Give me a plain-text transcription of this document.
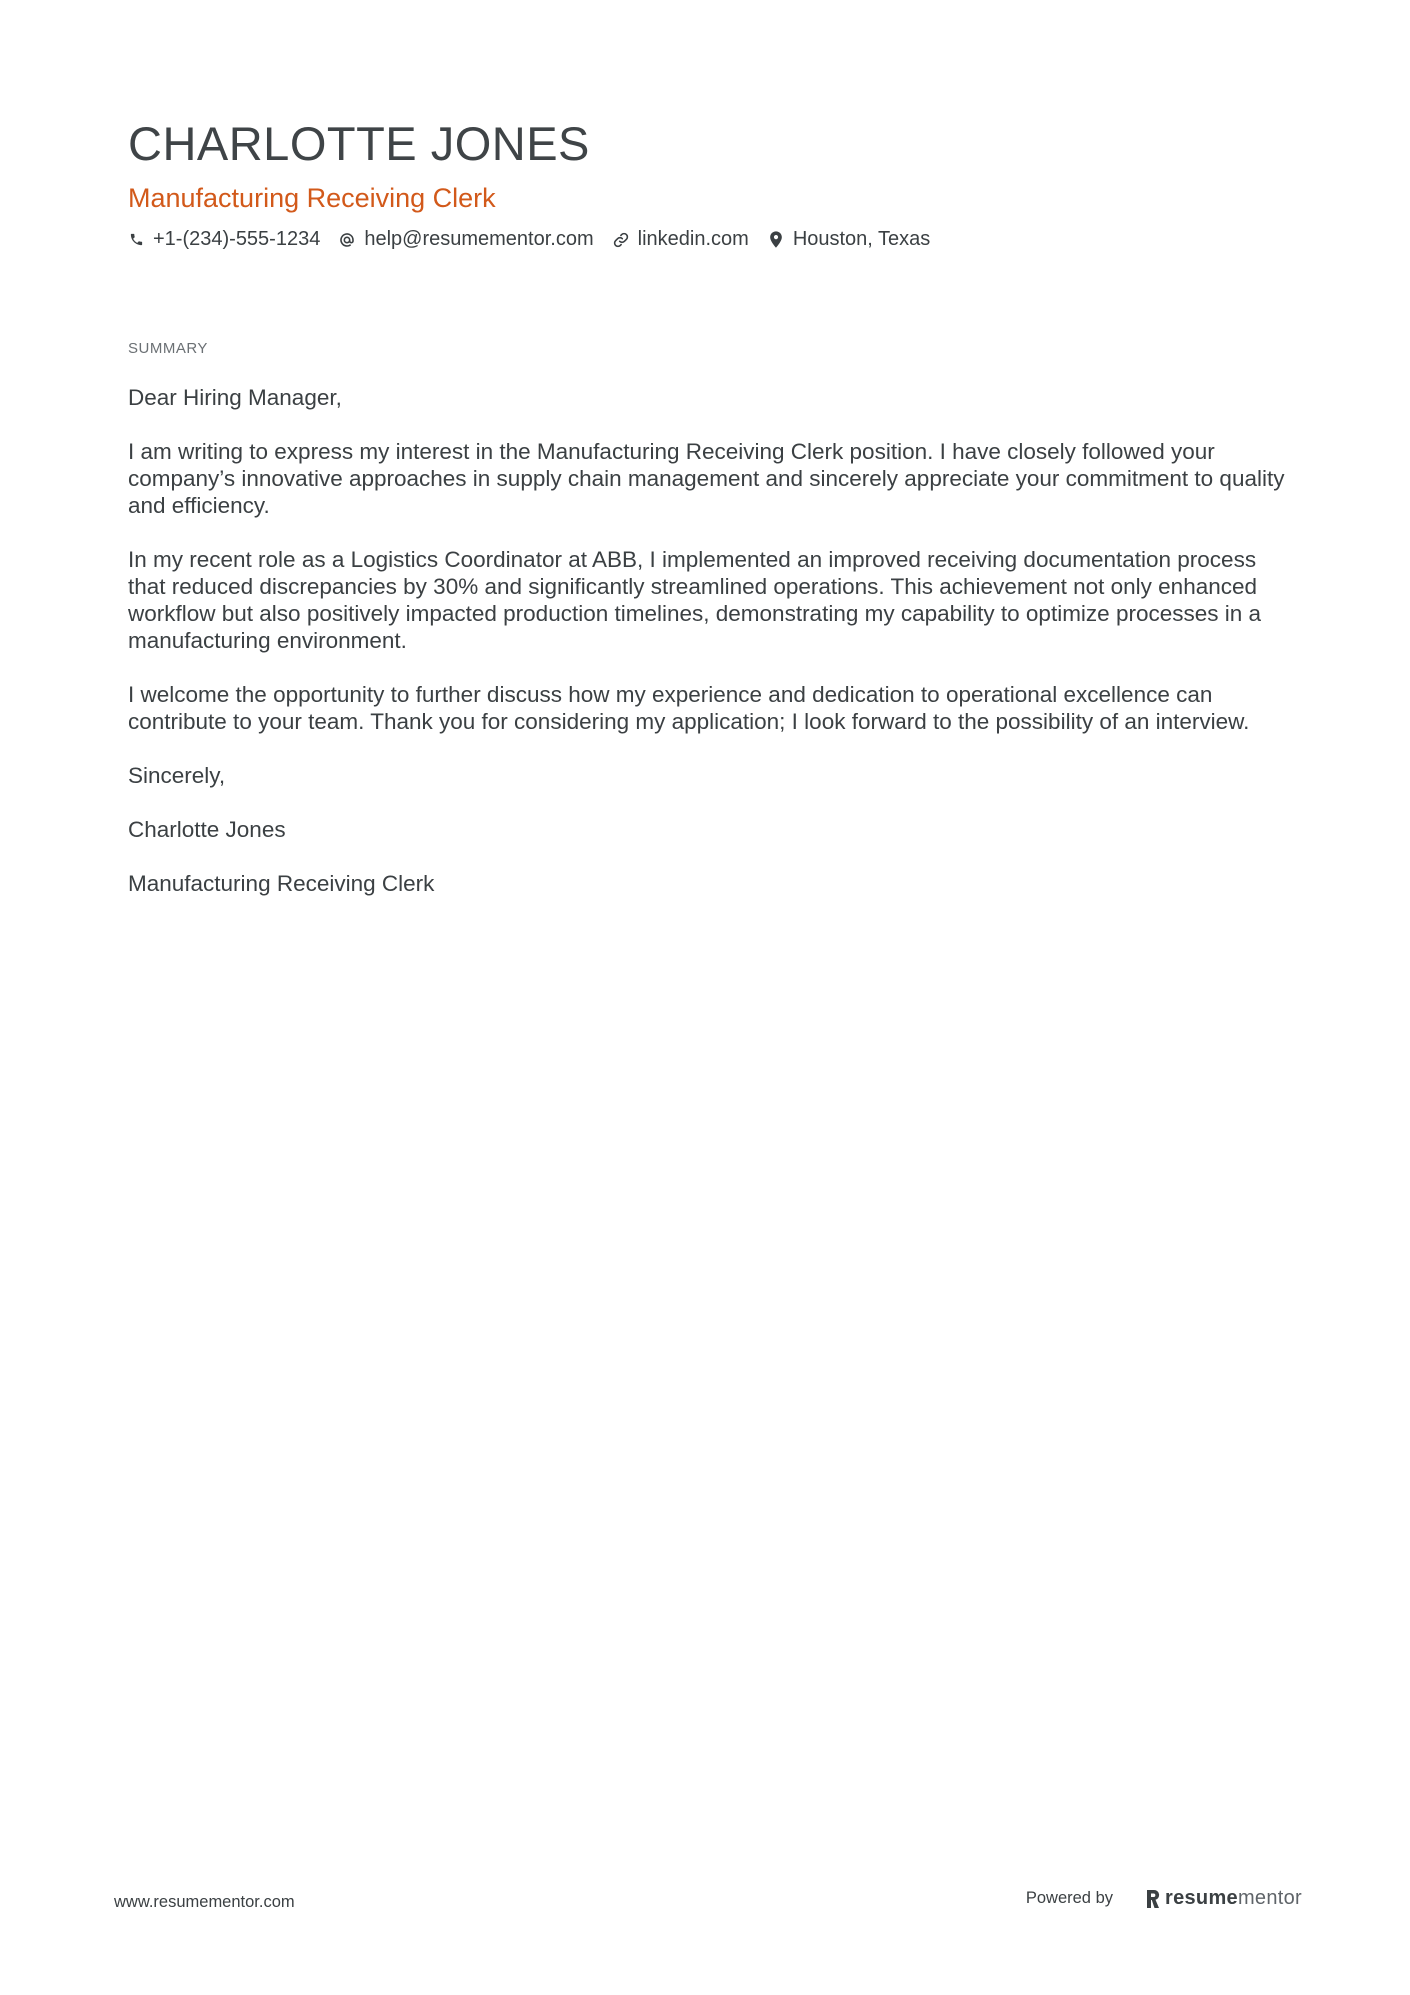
CHARLOTTE JONES
Manufacturing Receiving Clerk
+1-(234)-555-1234 help@resumementor.com linkedin.com Houston, Texas
SUMMARY

Dear Hiring Manager,

I am writing to express my interest in the Manufacturing Receiving Clerk position. I have closely followed your company’s innovative approaches in supply chain management and sincerely appreciate your commitment to quality and efficiency.

In my recent role as a Logistics Coordinator at ABB, I implemented an improved receiving documentation process that reduced discrepancies by 30% and significantly streamlined operations. This achievement not only enhanced workflow but also positively impacted production timelines, demonstrating my capability to optimize processes in a manufacturing environment.

I welcome the opportunity to further discuss how my experience and dedication to operational excellence can contribute to your team. Thank you for considering my application; I look forward to the possibility of an interview.

Sincerely,

Charlotte Jones

Manufacturing Receiving Clerk

www.resumementor.com	Powered by	resume mentor
